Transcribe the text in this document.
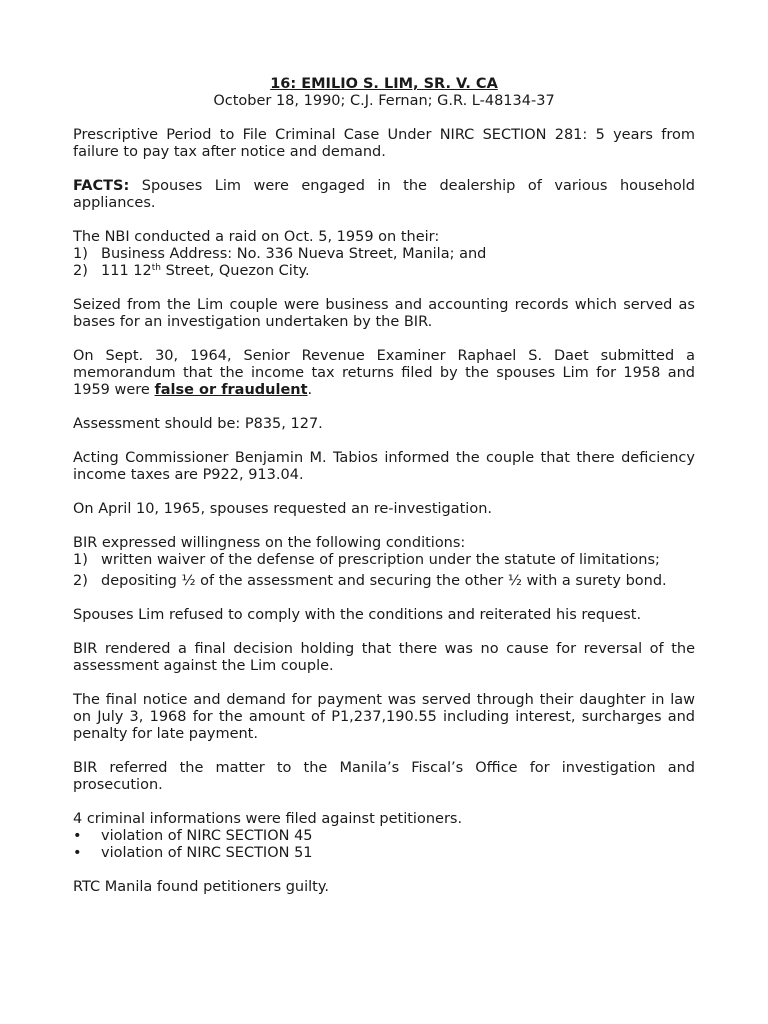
16: EMILIO S. LIM, SR. V. CA

October 18, 1990; C.J. Fernan; G.R. L-48134-37

Prescriptive Period to File Criminal Case Under NIRC SECTION 281: 5 years from failure to pay tax after notice and demand.

FACTS: Spouses Lim were engaged in the dealership of various household appliances.

The NBI conducted a raid on Oct. 5, 1959 on their:

1) Business Address: No. 336 Nueva Street, Manila; and
2) 111 12th Street, Quezon City.

Seized from the Lim couple were business and accounting records which served as bases for an investigation undertaken by the BIR.

On Sept. 30, 1964, Senior Revenue Examiner Raphael S. Daet submitted a memorandum that the income tax returns filed by the spouses Lim for 1958 and 1959 were false or fraudulent.

Assessment should be: P835, 127.

Acting Commissioner Benjamin M. Tabios informed the couple that there deficiency income taxes are P922, 913.04.

On April 10, 1965, spouses requested an re-investigation.

BIR expressed willingness on the following conditions:

1) written waiver of the defense of prescription under the statute of limitations;
2) depositing ½ of the assessment and securing the other ½ with a surety bond.

Spouses Lim refused to comply with the conditions and reiterated his request.

BIR rendered a final decision holding that there was no cause for reversal of the assessment against the Lim couple.

The final notice and demand for payment was served through their daughter in law on July 3, 1968 for the amount of P1,237,190.55 including interest, surcharges and penalty for late payment.

BIR referred the matter to the Manila’s Fiscal’s Office for investigation and prosecution.

4 criminal informations were filed against petitioners.

• violation of NIRC SECTION 45
• violation of NIRC SECTION 51

RTC Manila found petitioners guilty.
